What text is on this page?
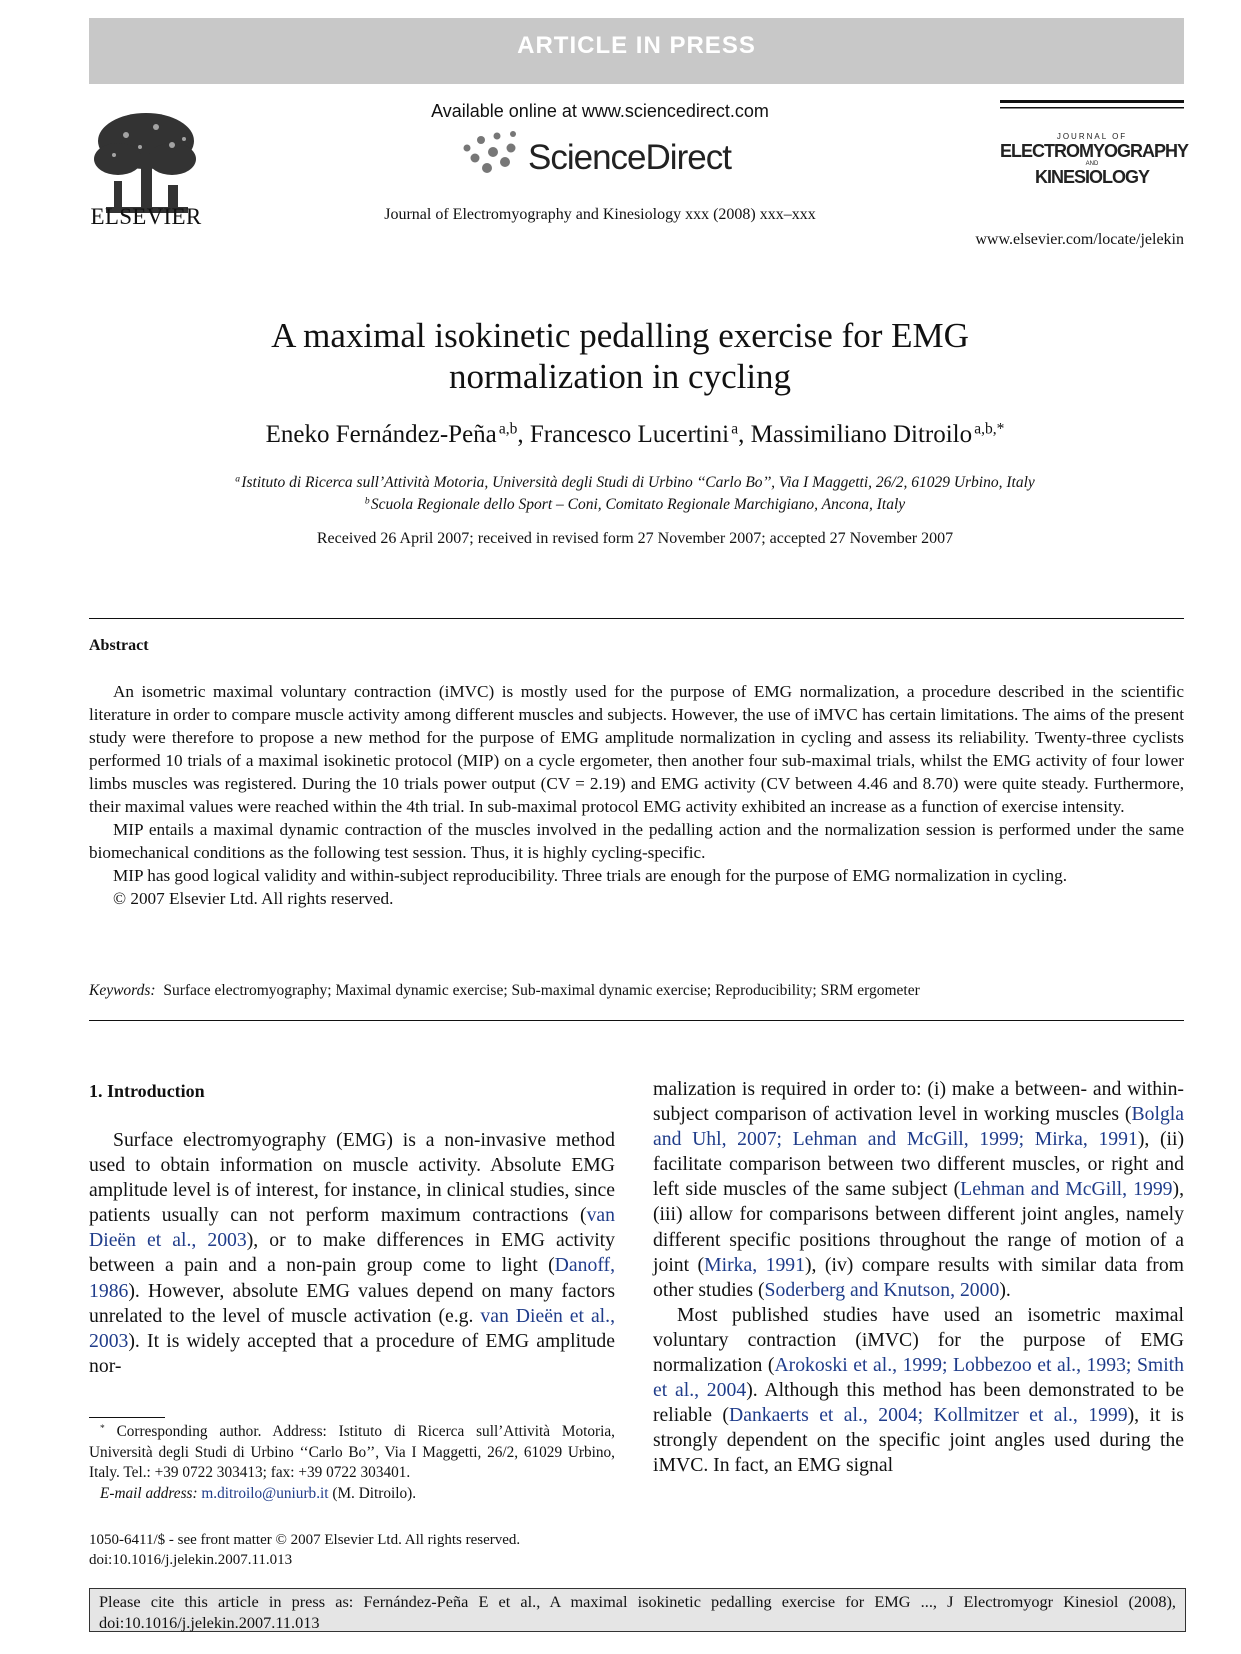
ARTICLE IN PRESS
ELSEVIER
Available online at www.sciencedirect.com
ScienceDirect
Journal of Electromyography and Kinesiology xxx (2008) xxx–xxx
JOURNAL OF
ELECTROMYOGRAPHY
AND
KINESIOLOGY
www.elsevier.com/locate/jelekin
A maximal isokinetic pedalling exercise for EMG
normalization in cycling
Eneko Fernández-Peña  $^{a,b}$, Francesco Lucertini  $^a$, Massimiliano Ditroilo  $^{a,b,*}$
$^a$ Istituto di Ricerca sull’Attività Motoria, Università degli Studi di Urbino ‘‘Carlo Bo’’, Via I Maggetti, 26/2, 61029 Urbino, Italy
$^b$ Scuola Regionale dello Sport – Coni, Comitato Regionale Marchigiano, Ancona, Italy
Received 26 April 2007; received in revised form 27 November 2007; accepted 27 November 2007
Abstract

An isometric maximal voluntary contraction (iMVC) is mostly used for the purpose of EMG normalization, a procedure described in the scientific literature in order to compare muscle activity among different muscles and subjects. However, the use of iMVC has certain limitations. The aims of the present study were therefore to propose a new method for the purpose of EMG amplitude normalization in cycling and assess its reliability. Twenty-three cyclists performed 10 trials of a maximal isokinetic protocol (MIP) on a cycle ergometer, then another four sub-maximal trials, whilst the EMG activity of four lower limbs muscles was registered. During the 10 trials power output (CV = 2.19) and EMG activity (CV between 4.46 and 8.70) were quite steady. Furthermore, their maximal values were reached within the 4th trial. In sub-maximal protocol EMG activity exhibited an increase as a function of exercise intensity.

MIP entails a maximal dynamic contraction of the muscles involved in the pedalling action and the normalization session is performed under the same biomechanical conditions as the following test session. Thus, it is highly cycling-specific.

MIP has good logical validity and within-subject reproducibility. Three trials are enough for the purpose of EMG normalization in cycling.

© 2007 Elsevier Ltd. All rights reserved.

Keywords: Surface electromyography; Maximal dynamic exercise; Sub-maximal dynamic exercise; Reproducibility; SRM ergometer
1. Introduction

Surface electromyography (EMG) is a non-invasive method used to obtain information on muscle activity. Absolute EMG amplitude level is of interest, for instance, in clinical studies, since patients usually can not perform maximum contractions (van Dieën et al., 2003), or to make differences in EMG activity between a pain and a non-pain group come to light (Danoff, 1986). However, absolute EMG values depend on many factors unrelated to the level of muscle activation (e.g. van Dieën et al., 2003). It is widely accepted that a procedure of EMG amplitude nor-

malization is required in order to: (i) make a between- and within-subject comparison of activation level in working muscles (Bolgla and Uhl, 2007; Lehman and McGill, 1999; Mirka, 1991), (ii) facilitate comparison between two different muscles, or right and left side muscles of the same subject (Lehman and McGill, 1999), (iii) allow for comparisons between different joint angles, namely different specific positions throughout the range of motion of a joint (Mirka, 1991), (iv) compare results with similar data from other studies (Soderberg and Knutson, 2000).

Most published studies have used an isometric maximal voluntary contraction (iMVC) for the purpose of EMG normalization (Arokoski et al., 1999; Lobbezoo et al., 1993; Smith et al., 2004). Although this method has been demonstrated to be reliable (Dankaerts et al., 2004; Kollmitzer et al., 1999), it is strongly dependent on the specific joint angles used during the iMVC. In fact, an EMG signal

* Corresponding author. Address: Istituto di Ricerca sull’Attività Motoria, Università degli Studi di Urbino ‘‘Carlo Bo’’, Via I Maggetti, 26/2, 61029 Urbino, Italy. Tel.: +39 0722 303413; fax: +39 0722 303401.

E-mail address: m.ditroilo@uniurb.it (M. Ditroilo).

1050-6411/$ - see front matter © 2007 Elsevier Ltd. All rights reserved.
doi:10.1016/j.jelekin.2007.11.013
Please cite this article in press as: Fernández-Peña E et al., A maximal isokinetic pedalling exercise for EMG ..., J Electromyogr Kinesiol (2008), doi:10.1016/j.jelekin.2007.11.013
